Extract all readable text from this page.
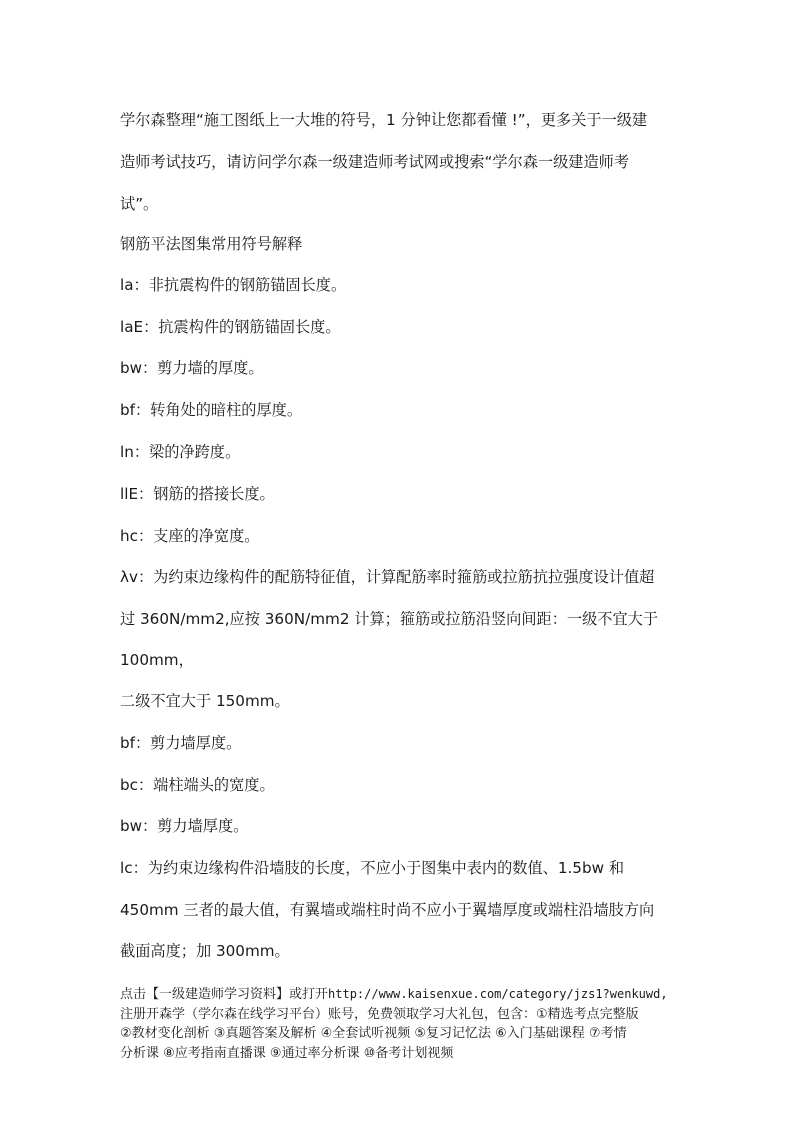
学尔森整理“施工图纸上一大堆的符号，1 分钟让您都看懂 !”，更多关于一级建
造师考试技巧，请访问学尔森一级建造师考试网或搜索“学尔森一级建造师考
试”。
钢筋平法图集常用符号解释
la：非抗震构件的钢筋锚固长度。
laE：抗震构件的钢筋锚固长度。
bw：剪力墙的厚度。
bf：转角处的暗柱的厚度。
ln：梁的净跨度。
llE：钢筋的搭接长度。
hc：支座的净宽度。
λv：为约束边缘构件的配筋特征值，计算配筋率时箍筋或拉筋抗拉强度设计值超
过 360N/mm2,应按 360N/mm2 计算；箍筋或拉筋沿竖向间距：一级不宜大于
100mm，
二级不宜大于 150mm。
bf：剪力墙厚度。
bc：端柱端头的宽度。
bw：剪力墙厚度。
lc：为约束边缘构件沿墙肢的长度，不应小于图集中表内的数值、1.5bw 和
450mm 三者的最大值，有翼墙或端柱时尚不应小于翼墙厚度或端柱沿墙肢方向
截面高度；加 300mm。
点击【一级建造师学习资料】或打开http://www.kaisenxue.com/category/jzs1?wenkuwd,
注册开森学（学尔森在线学习平台）账号，免费领取学习大礼包，包含：①精选考点完整版
②教材变化剖析 ③真题答案及解析 ④全套试听视频 ⑤复习记忆法 ⑥入门基础课程 ⑦考情
分析课 ⑧应考指南直播课 ⑨通过率分析课 ⑩备考计划视频
